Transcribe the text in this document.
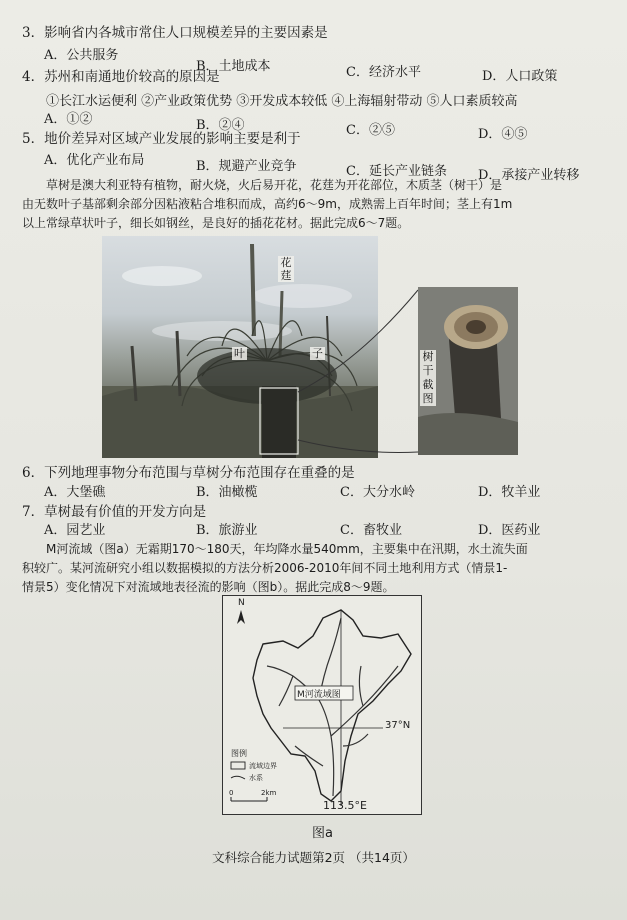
3．影响省内各城市常住人口规模差异的主要因素是
A．公共服务
B．土地成本	C．经济水平	D．人口政策
4．苏州和南通地价较高的原因是
①长江水运便利 ②产业政策优势 ③开发成本较低 ④上海辐射带动 ⑤人口素质较高
A．①②	B．②④	C．②⑤	D．④⑤
5．地价差异对区域产业发展的影响主要是利于
A．优化产业布局	B．规避产业竞争	C．延长产业链条 D．承接产业转移
草树是澳大利亚特有植物，耐火烧，火后易开花，花莛为开花部位，木质茎（树干）是
由无数叶子基部剩余部分因粘液粘合堆积而成，高约6～9m，成熟需上百年时间；茎上有1m
以上常绿草状叶子，细长如钢丝，是良好的插花花材。据此完成6～7题。
花莛
叶	子	树干截图
6．下列地理事物分布范围与草树分布范围存在重叠的是
A．大堡礁	B．油橄榄	C．大分水岭	D．牧羊业
7．草树最有价值的开发方向是
A．园艺业	B．旅游业	C．畜牧业	D．医药业
M河流域（图a）无霜期170～180天，年均降水量540mm，主要集中在汛期，水土流失面
积较广。某河流研究小组以数据模拟的方法分析2006-2010年间不同土地利用方式（情景1-
情景5）变化情况下对流域地表径流的影响（图b）。据此完成8～9题。
N
M河流域图
37°N
113.5°E
图例
流域边界
水系
0	2km
图a
文科综合能力试题第2页 （共14页）
